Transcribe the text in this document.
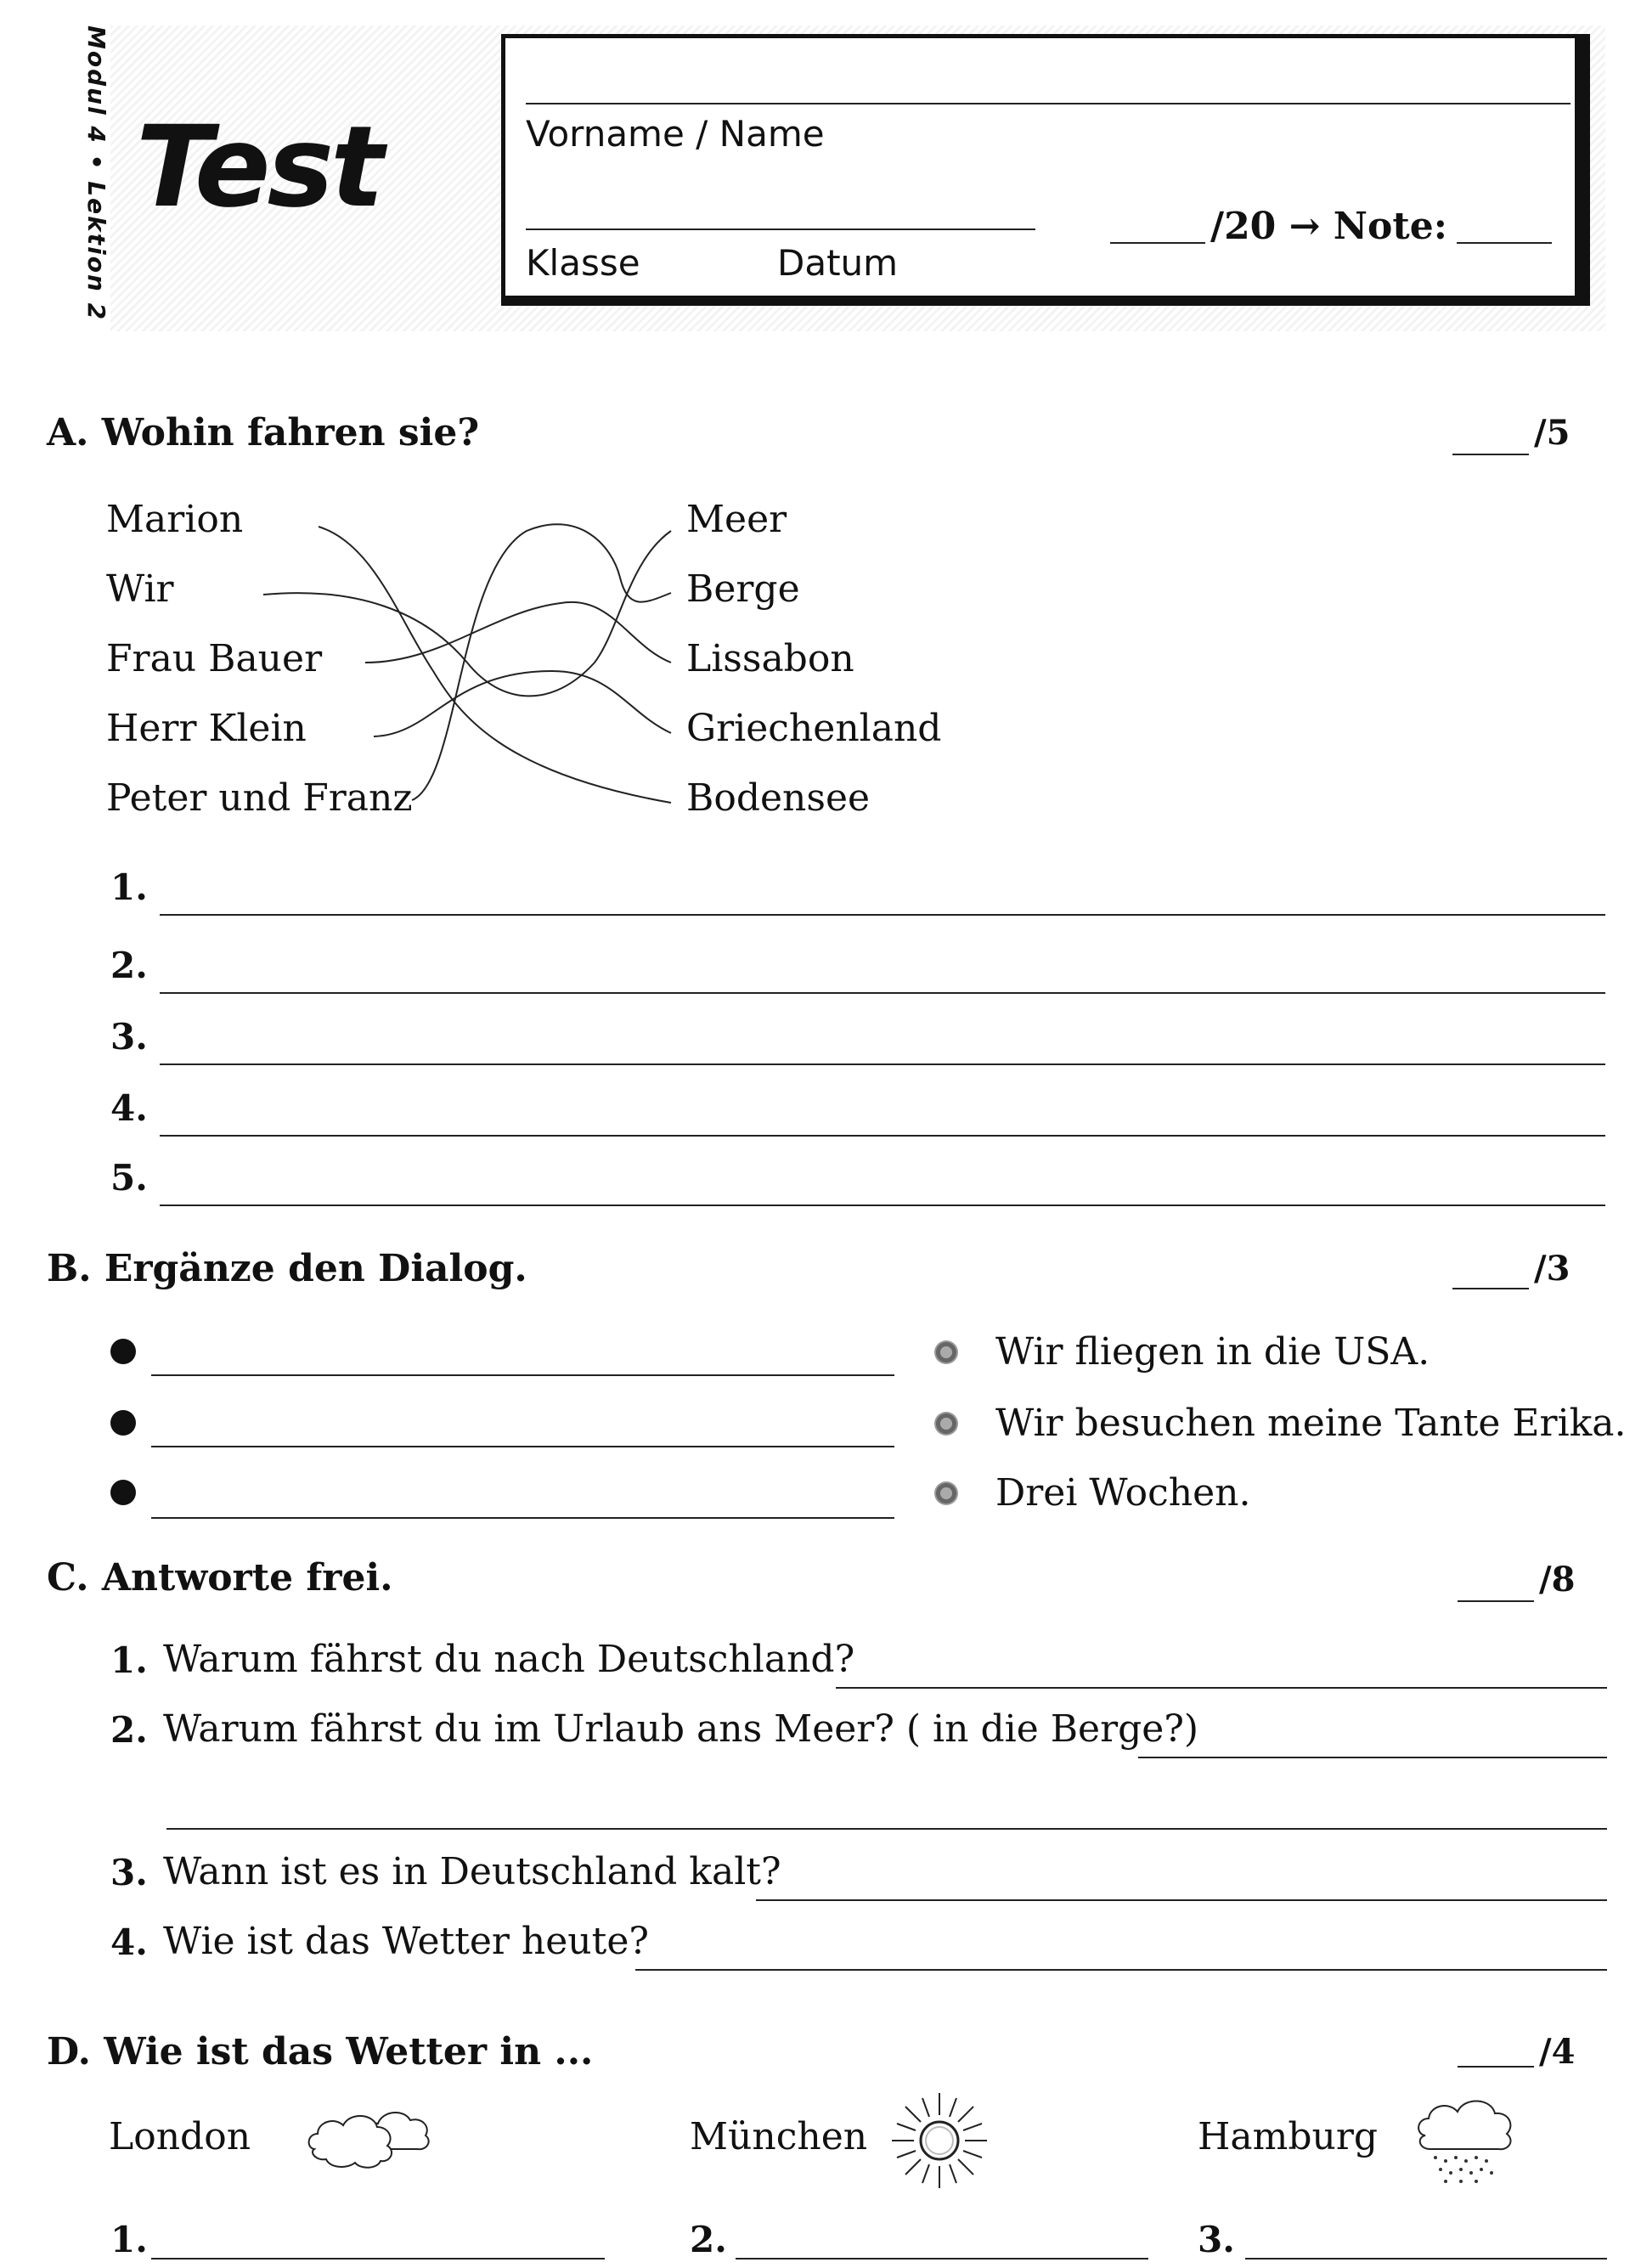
Modul 4 • Lektion 2 Test	Vorname / Name
Klasse	Datum
/20 → Note:
A. Wohin fahren sie?	/5
Marion
Wir
Frau Bauer
Herr Klein
Peter und Franz
Meer
Berge
Lissabon
Griechenland
Bodensee
1.
2.
3.
4.
5.
B. Ergänze den Dialog.	/3
Wir fliegen in die USA.
Wir besuchen meine Tante Erika.
Drei Wochen.
C. Antworte frei.	/8
1. Warum fährst du nach Deutschland?
2. Warum fährst du im Urlaub ans Meer? ( in die Berge?)
3. Wann ist es in Deutschland kalt?
4. Wie ist das Wetter heute?
D. Wie ist das Wetter in ...	/4
London
1.
München
2.
Hamburg
3.
